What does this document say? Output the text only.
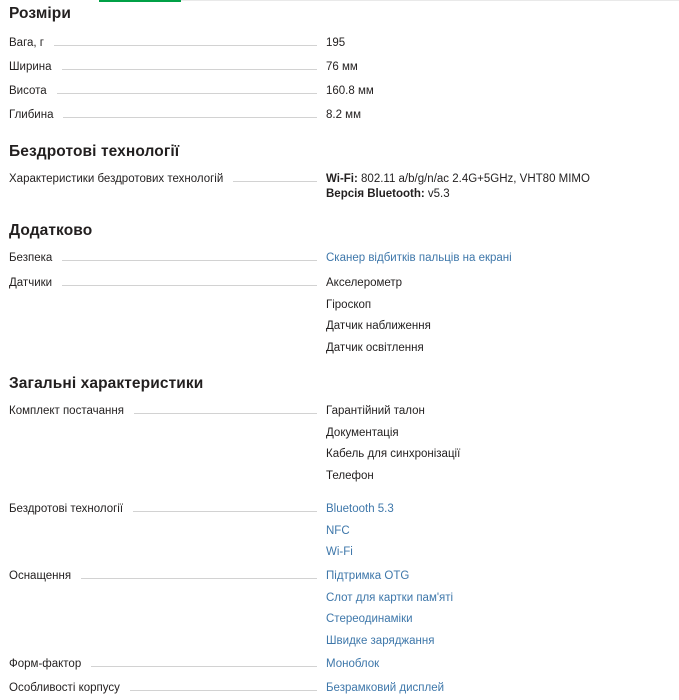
Розміри
Вага, г	195
Ширина	76 мм
Висота	160.8 мм
Глибина	8.2 мм
Бездротові технології
Характеристики бездротових технологій	Wi-Fi: 802.11 a/b/g/n/ac 2.4G+5GHz, VHT80 MIMO
Версія Bluetooth: v5.3
Додатково
Безпека	Сканер відбитків пальців на екрані
Датчики	Акселерометр
Гіроскоп
Датчик наближення
Датчик освітлення
Загальні характеристики
Комплект постачання	Гарантійний талон
Документація
Кабель для синхронізації
Телефон
Бездротові технології	Bluetooth 5.3
NFC
Wi-Fi
Оснащення	Підтримка OTG
Слот для картки пам'яті
Стереодинаміки
Швидке заряджання
Форм-фактор	Моноблок
Особливості корпусу	Безрамковий дисплей
